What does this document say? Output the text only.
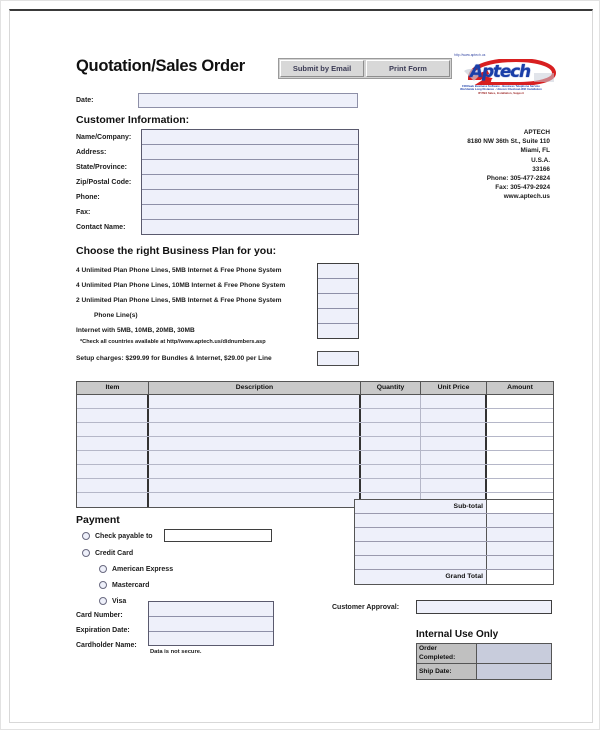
Quotation/Sales Order	Submit by Email	Print Form
http://www.aptech.us
Aptech
FIDOweb Business Software - Business Telephone Service
Worldwide Long Distance - Unicom Checkout-Wifi Installation
IP PBX Sales, Installation, Support
APTECH
8180 NW 36th St., Suite 110
Miami, FL
U.S.A.
33166
Phone: 305-477-2824
Fax: 305-479-2924
www.aptech.us
Date:
Customer Information:
Name/Company:
Address:
State/Province:
Zip/Postal Code:
Phone:
Fax:
Contact Name:
Choose the right Business Plan for you:
4 Unlimited Plan Phone Lines, 5MB Internet & Free Phone System
4 Unlimited Plan Phone Lines, 10MB Internet & Free Phone System
2 Unlimited Plan Phone Lines, 5MB Internet & Free Phone System
Phone Line(s)
Internet with 5MB, 10MB, 20MB, 30MB
*Check all countries available at http//www.aptech.us/didnumbers.asp
Setup charges: $299.99 for Bundles & Internet, $29.00 per Line
Item	Description	Quantity	Unit Price	Amount
Sub-total
Grand Total
Payment
Check payable to
Credit Card
American Express
Mastercard
Visa
Card Number:
Expiration Date:
Cardholder Name:
Data is not secure.
Customer Approval:
Internal Use Only
Order Completed:
Ship Date:
